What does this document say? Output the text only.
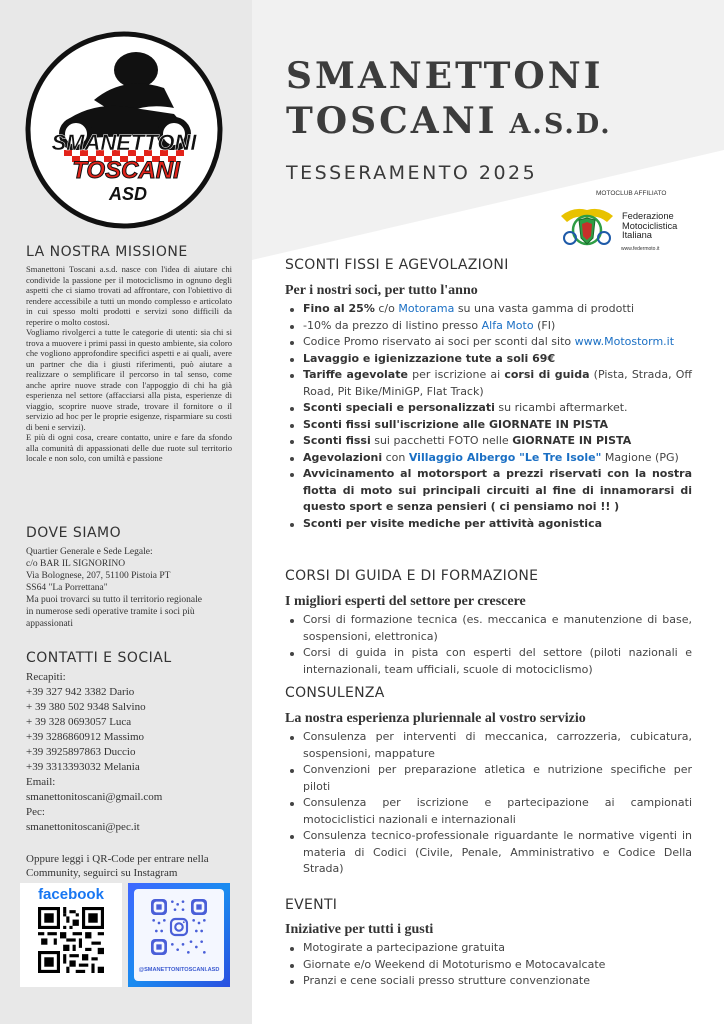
SMANETTONI
TOSCANI
ASD
LA NOSTRA MISSIONE
Smanettoni Toscani a.s.d. nasce con l'idea di aiutare chi condivide la passione per il motociclismo in ognuno degli aspetti che ci siamo trovati ad affrontare, con l'obiettivo di rendere accessibile a tutti un mondo complesso e articolato in cui spesso molti prodotti e servizi sono difficili da reperire o molto costosi.
Vogliamo rivolgerci a tutte le categorie di utenti: sia chi si trova a muovere i primi passi in questo ambiente, sia coloro che vogliono approfondire specifici aspetti e ai quali, avere un partner che dia i giusti riferimenti, può aiutare a realizzare o semplificare il percorso in tal senso, come anche aprire nuove strade con l'appoggio di chi ha già esperienza nel settore (affacciarsi alla pista, esperienze di viaggio, scoprire nuove strade, trovare il fornitore o il servizio ad hoc per le proprie esigenze, risparmiare su costi di beni e servizi).
E più di ogni cosa, creare contatto, unire e fare da sfondo alla comunità di appassionati delle due ruote sul territorio locale e non solo, con umiltà e passione
DOVE SIAMO
Quartier Generale e Sede Legale:
c/o BAR IL SIGNORINO
Via Bolognese, 207, 51100 Pistoia PT
SS64 "La Porrettana"
Ma puoi trovarci su tutto il territorio regionale
in numerose sedi operative tramite i soci più
appassionati
CONTATTI E SOCIAL
Recapiti:
+39 327 942 3382 Dario
+ 39 380 502 9348 Salvino
+ 39 328 0693057 Luca
+39 3286860912 Massimo
+39 3925897863 Duccio
+39 3313393032 Melania
Email:
smanettonitoscani@gmail.com
Pec:
smanettonitoscani@pec.it
Oppure leggi i QR-Code per entrare nella Community, seguirci su Instagram
facebook
@SMANETTONITOSCANI.ASD
SMANETTONI
TOSCANI A.S.D.
TESSERAMENTO 2025
MOTOCLUB AFFILIATO
Federazione
Motociclistica
Italiana
www.federmoto.it
SCONTI FISSI E AGEVOLAZIONI
Per i nostri soci, per tutto l'anno
Fino al 25% c/o Motorama su una vasta gamma di prodotti
-10% da prezzo di listino presso Alfa Moto (FI)
Codice Promo riservato ai soci per sconti dal sito www.Motostorm.it
Lavaggio e igienizzazione tute a soli 69€
Tariffe agevolate per iscrizione ai corsi di guida (Pista, Strada, Off Road, Pit Bike/MiniGP, Flat Track)
Sconti speciali e personalizzati su ricambi aftermarket.
Sconti fissi sull'iscrizione alle GIORNATE IN PISTA
Sconti fissi sui pacchetti FOTO nelle GIORNATE IN PISTA
Agevolazioni con Villaggio Albergo "Le Tre Isole" Magione (PG)
Avvicinamento al motorsport a prezzi riservati con la nostra flotta di moto sui principali circuiti al fine di innamorarsi di questo sport e senza pensieri ( ci pensiamo noi !! )
Sconti per visite mediche per attività agonistica
CORSI DI GUIDA E DI FORMAZIONE
I migliori esperti del settore per crescere
Corsi di formazione tecnica (es. meccanica e manutenzione di base, sospensioni, elettronica)
Corsi di guida in pista con esperti del settore (piloti nazionali e internazionali, team ufficiali, scuole di motociclismo)
CONSULENZA
La nostra esperienza pluriennale al vostro servizio
Consulenza per interventi di meccanica, carrozzeria, cubicatura, sospensioni, mappature
Convenzioni per preparazione atletica e nutrizione specifiche per piloti
Consulenza per iscrizione e partecipazione ai campionati motociclistici nazionali e internazionali
Consulenza tecnico-professionale riguardante le normative vigenti in materia di Codici (Civile, Penale, Amministrativo e Codice Della Strada)
EVENTI
Iniziative per tutti i gusti
Motogirate a partecipazione gratuita
Giornate e/o Weekend di Mototurismo e Motocavalcate
Pranzi e cene sociali presso strutture convenzionate
